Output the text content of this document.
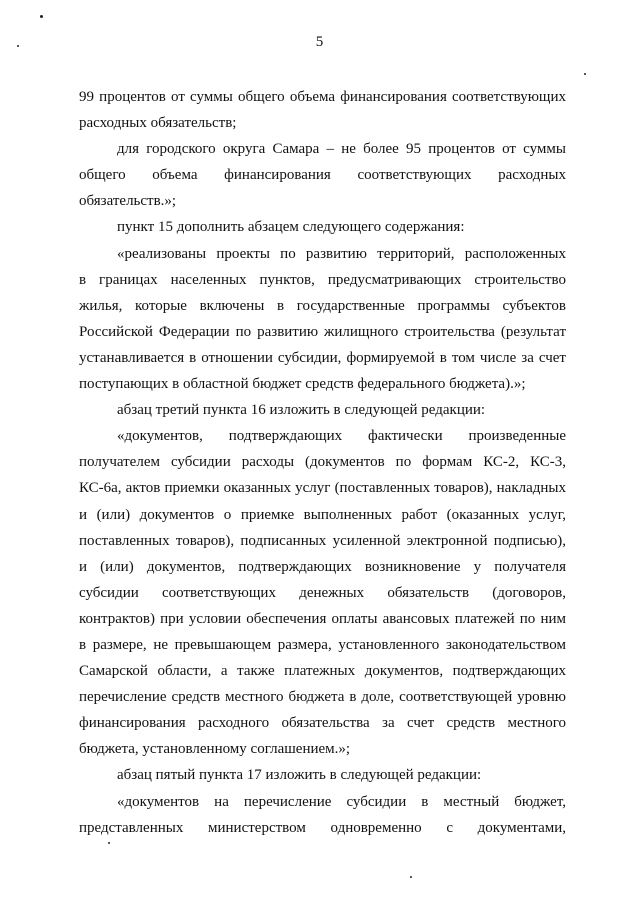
5
99 процентов от суммы общего объема финансирования соответствующих
расходных обязательств;
для городского округа Самара – не более 95 процентов от суммы
общего объема финансирования соответствующих расходных
обязательств.»;
пункт 15 дополнить абзацем следующего содержания:
«реализованы проекты по развитию территорий, расположенных
в границах населенных пунктов, предусматривающих строительство
жилья, которые включены в государственные программы субъектов
Российской Федерации по развитию жилищного строительства (результат
устанавливается в отношении субсидии, формируемой в том числе за счет
поступающих в областной бюджет средств федерального бюджета).»;
абзац третий пункта 16 изложить в следующей редакции:
«документов, подтверждающих фактически произведенные
получателем субсидии расходы (документов по формам КС-2, КС-3,
КС-6а, актов приемки оказанных услуг (поставленных товаров), накладных
и (или) документов о приемке выполненных работ (оказанных услуг,
поставленных товаров), подписанных усиленной электронной подписью),
и (или) документов, подтверждающих возникновение у получателя
субсидии соответствующих денежных обязательств (договоров,
контрактов) при условии обеспечения оплаты авансовых платежей по ним
в размере, не превышающем размера, установленного законодательством
Самарской области, а также платежных документов, подтверждающих
перечисление средств местного бюджета в доле, соответствующей уровню
финансирования расходного обязательства за счет средств местного
бюджета, установленному соглашением.»;
абзац пятый пункта 17 изложить в следующей редакции:
«документов на перечисление субсидии в местный бюджет,
представленных министерством одновременно с документами,
